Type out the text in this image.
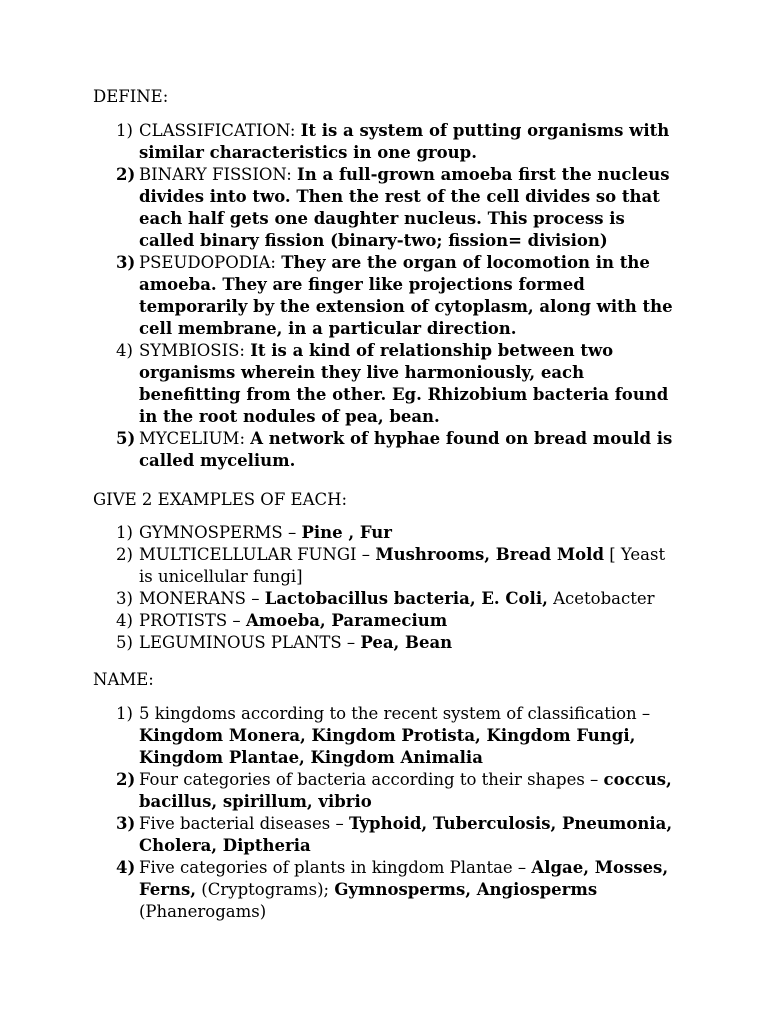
DEFINE:

1) CLASSIFICATION: It is a system of putting organisms with similar characteristics in one group.
2) BINARY FISSION: In a full-grown amoeba first the nucleus divides into two. Then the rest of the cell divides so that each half gets one daughter nucleus. This process is called binary fission (binary-two; fission= division)
3) PSEUDOPODIA: They are the organ of locomotion in the amoeba. They are finger like projections formed temporarily by the extension of cytoplasm, along with the cell membrane, in a particular direction.
4) SYMBIOSIS: It is a kind of relationship between two organisms wherein they live harmoniously, each benefitting from the other. Eg. Rhizobium bacteria found in the root nodules of pea, bean.
5) MYCELIUM: A network of hyphae found on bread mould is called mycelium.

GIVE 2 EXAMPLES OF EACH:

1) GYMNOSPERMS – Pine , Fur
2) MULTICELLULAR FUNGI – Mushrooms, Bread Mold [ Yeast is unicellular fungi]
3) MONERANS – Lactobacillus bacteria, E. Coli, Acetobacter
4) PROTISTS – Amoeba, Paramecium
5) LEGUMINOUS PLANTS – Pea, Bean

NAME:

1) 5 kingdoms according to the recent system of classification – Kingdom Monera, Kingdom Protista, Kingdom Fungi, Kingdom Plantae, Kingdom Animalia
2) Four categories of bacteria according to their shapes – coccus, bacillus, spirillum, vibrio
3) Five bacterial diseases – Typhoid, Tuberculosis, Pneumonia, Cholera, Diptheria
4) Five categories of plants in kingdom Plantae – Algae, Mosses, Ferns, (Cryptograms); Gymnosperms, Angiosperms (Phanerogams)
